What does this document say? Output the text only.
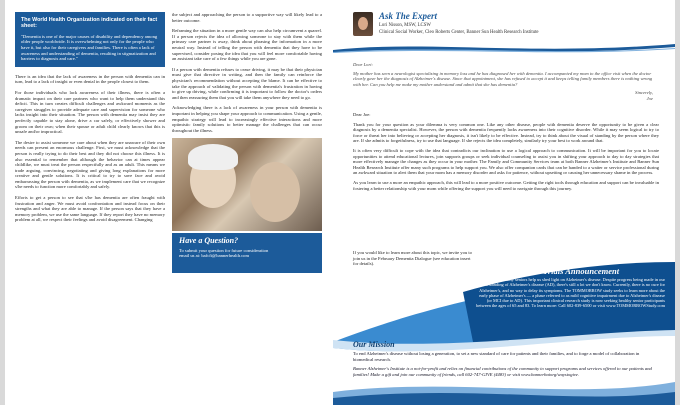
The World Health Organization indicated on their fact sheet:

"Dementia is one of the major causes of disability and dependency among older people worldwide. It is overwhelming not only for the people who have it, but also for their caregivers and families. There is often a lack of awareness and understanding of dementia, resulting in stigmatization and barriers to diagnosis and care."

There is an idea that the lack of awareness in the person with dementia can in turn, lead to a lack of insight or even denial in the people closest to them.

For those individuals who lack awareness of their illness, there is often a dramatic impact on their care partners who want to help them understand this deficit. This in turn creates difficult challenges and awkward moments as the caregiver struggles to provide adequate care and supervision for someone who lacks insight into their situation. The person with dementia may insist they are perfectly capable to stay alone, drive a car safely, or effectively shower and groom on their own; when their spouse or adult child clearly knows that this is unsafe and/or impractical.

The desire to assist someone we care about when they are unaware of their own needs can present an enormous challenge. First, we must acknowledge that the person is really trying to do their best and they did not choose this illness. It is also essential to remember that although the behavior can at times appear childlike, we must treat the person respectfully and as an adult. This means we trade arguing, convincing, negotiating and giving long explanations for more creative and gentle solutions. It is critical to try to save face and avoid embarrassing the person with dementia, as we implement care that we recognize s/he needs to function more comfortably and safely.

Efforts to get a person to see that s/he has dementia are often fraught with frustration and anger. We must avoid confrontation and instead focus on their strengths and what they are able to manage. If the person says that they have a memory problem, we use the same language. If they report they have no memory problem at all, we respect their feelings and avoid disagreement. Changing

the subject and approaching the person to a supportive way will likely lead to a better outcome.

Reframing the situation in a more gentle way can also help circumvent a quarrel. If a person rejects the idea of allowing someone to stay with them while the primary care partner is away, think about phrasing the information in a more neutral way. Instead of telling the person with dementia that they have to be supervised, consider posing the idea that you will feel more comfortable having an assistant take care of a few things while you are gone.

If a person with dementia refuses to cease driving, it may be that their physician must give that directive in writing, and then the family can reinforce the physician's recommendation without accepting the blame. It can be effective to take the approach of validating the person with dementia's frustration in having to give up driving, while confirming it is important to follow the doctor's orders and then reassuring them that you will take them anywhere they need to go.

Acknowledging there is a lack of awareness in your person with dementia is important in helping you shape your approach to communication. Using a gentle, empathic strategy will lead to increasingly effective interactions and more optimistic family solutions to better manage the challenges that can occur throughout the illness.

Have a Question?

To submit your question for future consideration

email us at: bafcfi@bannerhealth.com

Ask The Expert
Lori Nisson, MSW, LCSW
Clinical Social Worker, Cleo Roberts Center, Banner Sun Health Research Institute

Dear Lori:

My mother has seen a neurologist specializing in memory loss and he has diagnosed her with dementia. I accompanied my mom to the office visit when the doctor clearly gave her the diagnosis of Alzheimer's disease. Since that appointment, she has refused to accept it and keeps telling family members there is nothing wrong with her. Can you help me make my mother understand and admit that she has dementia?

Sincerely,
Joe

Dear Joe:

Thank you for your question as your dilemma is very common one. Like any other disease, people with dementia deserve the opportunity to be given a clear diagnosis by a dementia specialist. However, the person with dementia frequently lacks awareness into their cognitive disorder. While it may seem logical to try to force or threat her into believing or accepting her diagnosis, it isn't likely to be effective. Instead, try to think about the visual of standing by the person where they are. If she admits to forgetfulness, try to use that language. If she rejects the idea completely, similarly try your best to work around that.

It is often very difficult to cope with the idea that contradicts our inclination to use a logical approach to communication. It will be important for you to locate opportunities to attend educational lectures, join supports groups or seek individual counseling to assist you in shifting your approach to day to day strategies that more effectively manage the changes as they occur in your mother. The Family and Community Services team at both Banner Alzheimer's Institute and Banner Sun Health Research Institute offer many such programs to help support you. We also offer companion cards that can be handed to a waiter or service professional during an awkward situation to alert them that your mom has a memory disorder and asks for patience, without upsetting or causing her unnecessary shame in the process.

As you learn to use a more an empathic approach, this will lead to a more positive outcome. Getting the right tools through education and support can be invaluable in fostering a better relationship with your mom while offering the support you will need to navigate through this journey.

If you would like to learn more about this topic, we invite you to join us in the February Dementia Dialogue (see education insert for details).

Clinical Trials Announcement
Healthy seniors help us shed light on Alzheimer's disease. Despite progress being made in our understanding of Alzheimer's disease (AD), there's still a lot we don't know. Currently, there is no cure for Alzheimer's, and no way to delay its symptoms. The TOMMORROW study seeks to learn more about the early phase of Alzheimer's — a phase referred to as mild cognitive impairment due to Alzheimer's disease (or MCI due to AD). This important clinical research study is now seeking healthy senior participants between the ages of 65 and 83. To learn more: Call 602-839-6500 or visit www.TOMMORROWStudy.com
Our Mission

To end Alzheimer's disease without losing a generation, to set a new standard of care for patients and their families, and to forge a model of collaboration in biomedical research.

Banner Alzheimer's Institute is a not-for-profit and relies on financial contributions of the community to support programs and services offered to our patients and families! Make a gift and join our community of friends, call 602-747-GIVE (4483) or visit www.bannerbaiorg/waystogive.
